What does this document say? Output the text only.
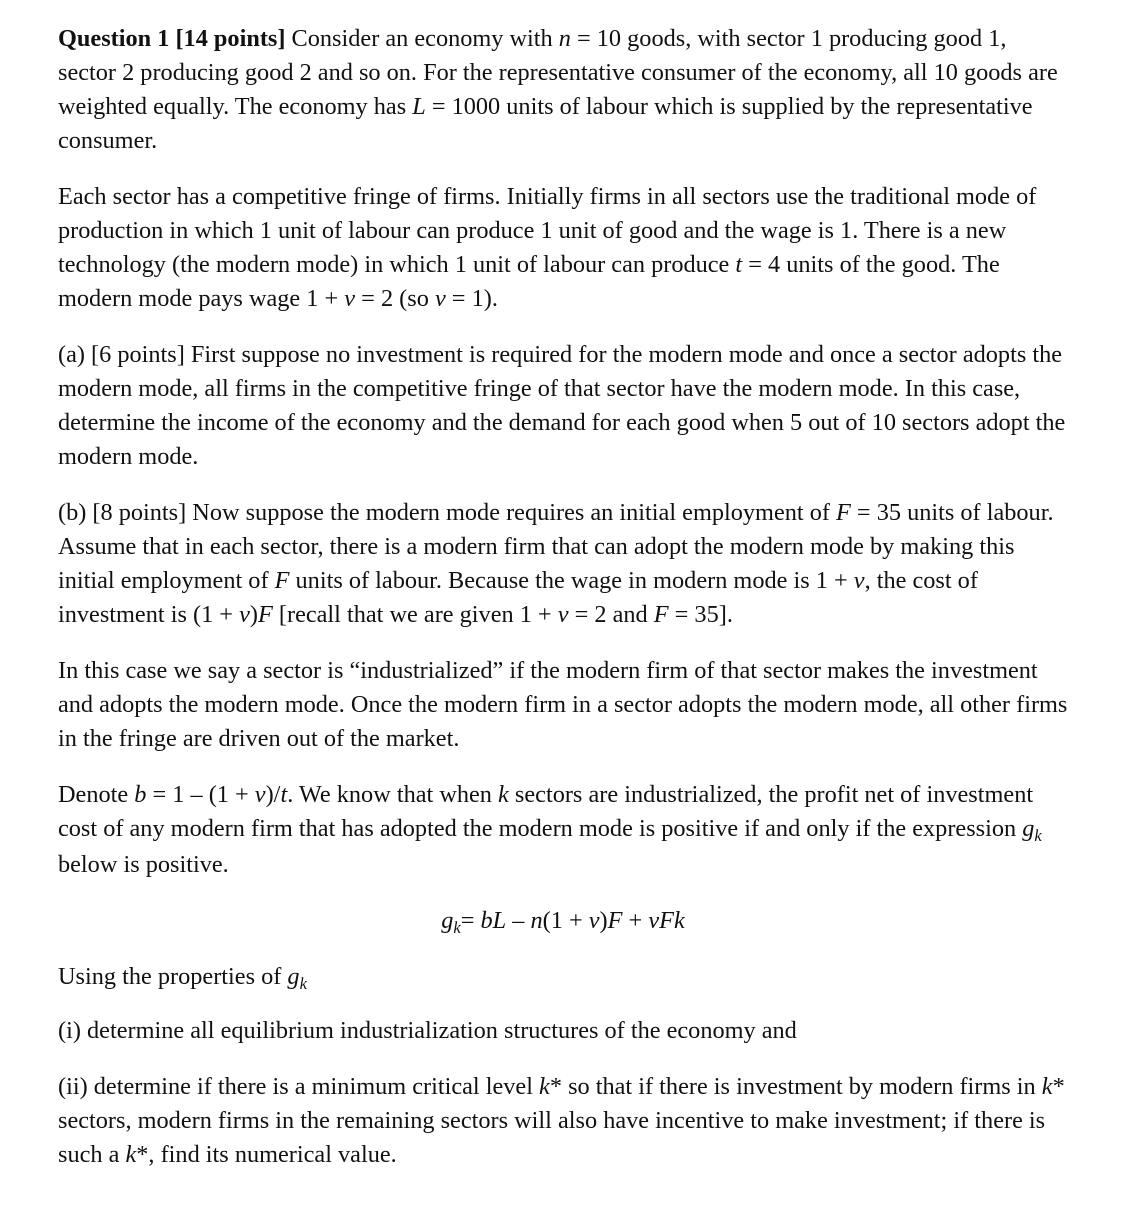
Question 1 [14 points] Consider an economy with n = 10 goods, with sector 1 producing good 1, sector 2 producing good 2 and so on. For the representative consumer of the economy, all 10 goods are weighted equally. The economy has L = 1000 units of labour which is supplied by the representative consumer.

Each sector has a competitive fringe of firms. Initially firms in all sectors use the traditional mode of production in which 1 unit of labour can produce 1 unit of good and the wage is 1. There is a new technology (the modern mode) in which 1 unit of labour can produce t = 4 units of the good. The modern mode pays wage 1 + v = 2 (so v = 1).

(a) [6 points] First suppose no investment is required for the modern mode and once a sector adopts the modern mode, all firms in the competitive fringe of that sector have the modern mode. In this case, determine the income of the economy and the demand for each good when 5 out of 10 sectors adopt the modern mode.

(b) [8 points] Now suppose the modern mode requires an initial employment of F = 35 units of labour. Assume that in each sector, there is a modern firm that can adopt the modern mode by making this initial employment of F units of labour. Because the wage in modern mode is 1 + v, the cost of investment is (1 + v)F [recall that we are given 1 + v = 2 and F = 35].

In this case we say a sector is “industrialized” if the modern firm of that sector makes the investment and adopts the modern mode. Once the modern firm in a sector adopts the modern mode, all other firms in the fringe are driven out of the market.

Denote b = 1 – (1 + v)/t. We know that when k sectors are industrialized, the profit net of investment cost of any modern firm that has adopted the modern mode is positive if and only if the expression gk below is positive.

gk= bL – n(1 + v)F + vFk

Using the properties of gk

(i) determine all equilibrium industrialization structures of the economy and

(ii) determine if there is a minimum critical level k* so that if there is investment by modern firms in k* sectors, modern firms in the remaining sectors will also have incentive to make investment; if there is such a k*, find its numerical value.
